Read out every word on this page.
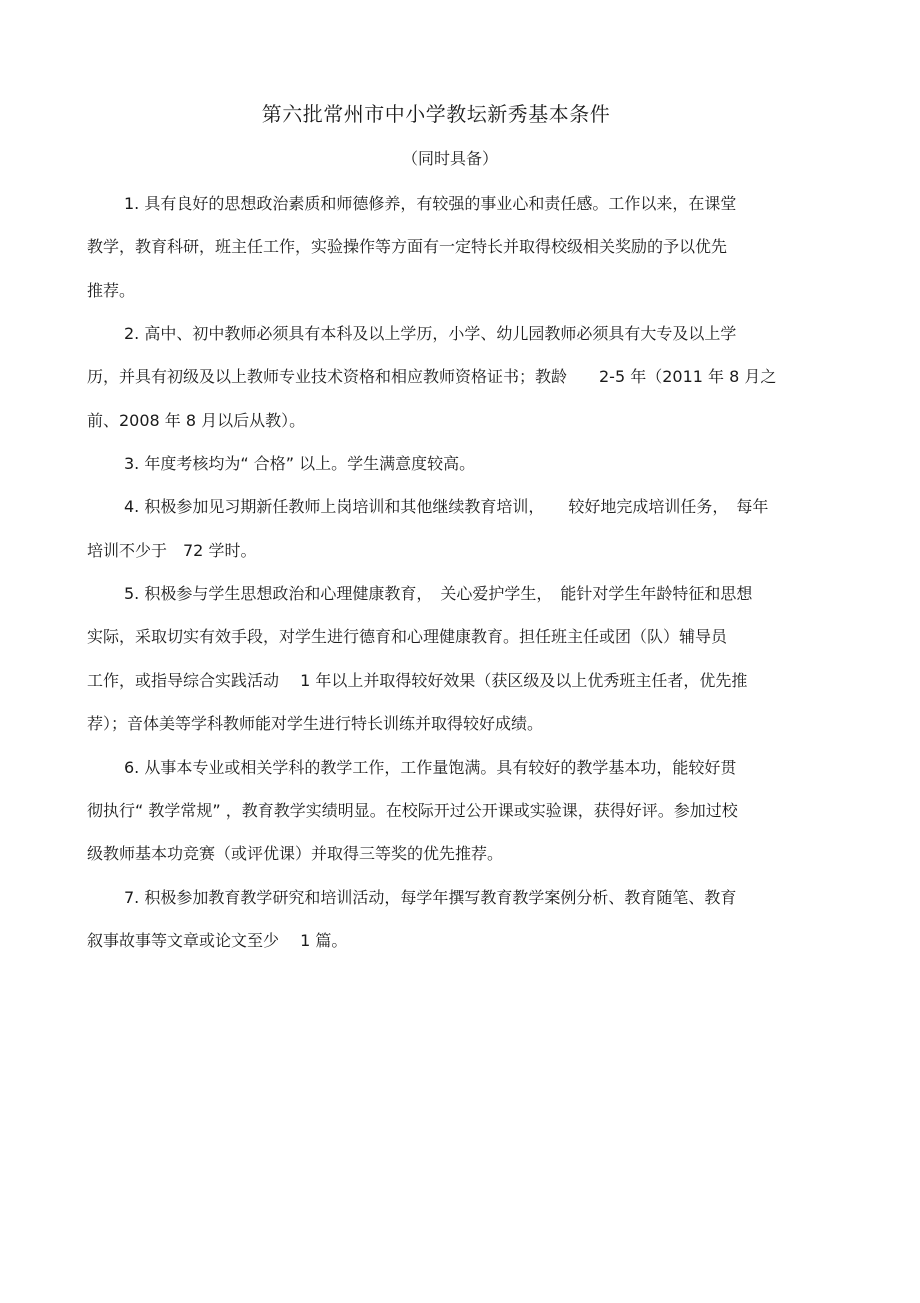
第六批常州市中小学教坛新秀基本条件
（同时具备）
1. 具有良好的思想政治素质和师德修养，有较强的事业心和责任感。工作以来，在课堂
教学，教育科研，班主任工作，实验操作等方面有一定特长并取得校级相关奖励的予以优先
推荐。
2. 高中、初中教师必须具有本科及以上学历，小学、幼儿园教师必须具有大专及以上学
历，并具有初级及以上教师专业技术资格和相应教师资格证书；教龄　　2-5 年（2011 年 8 月之
前、2008 年 8 月以后从教）。
3. 年度考核均为“ 合格” 以上。学生满意度较高。
4. 积极参加见习期新任教师上岗培训和其他继续教育培训，　　较好地完成培训任务，　每年
培训不少于　72 学时。
5. 积极参与学生思想政治和心理健康教育，　关心爱护学生，　能针对学生年龄特征和思想
实际，采取切实有效手段，对学生进行德育和心理健康教育。担任班主任或团（队）辅导员
工作，或指导综合实践活动　 1 年以上并取得较好效果（获区级及以上优秀班主任者，优先推
荐）；音体美等学科教师能对学生进行特长训练并取得较好成绩。
6. 从事本专业或相关学科的教学工作，工作量饱满。具有较好的教学基本功，能较好贯
彻执行“ 教学常规” ，教育教学实绩明显。在校际开过公开课或实验课，获得好评。参加过校
级教师基本功竞赛（或评优课）并取得三等奖的优先推荐。
7. 积极参加教育教学研究和培训活动，每学年撰写教育教学案例分析、教育随笔、教育
叙事故事等文章或论文至少　 1 篇。
